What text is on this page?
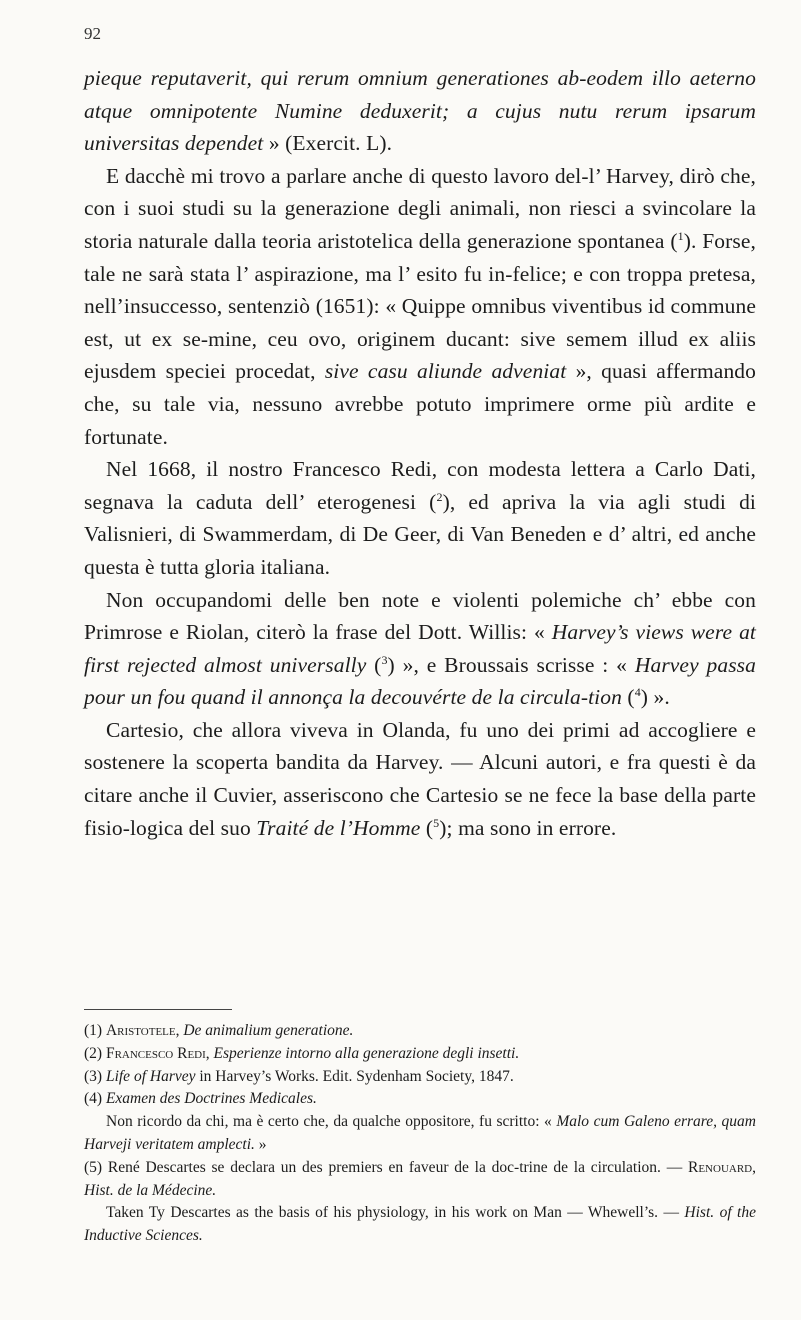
92

pieque reputaverit, qui rerum omnium generationes ab-eodem illo aeterno atque omnipotente Numine deduxerit; a cujus nutu rerum ipsarum universitas dependet » (Exercit. L).

E dacchè mi trovo a parlare anche di questo lavoro del-l’ Harvey, dirò che, con i suoi studi su la generazione degli animali, non riesci a svincolare la storia naturale dalla teoria aristotelica della generazione spontanea ($^1$). Forse, tale ne sarà stata l’ aspirazione, ma l’ esito fu in-felice; e con troppa pretesa, nell’insuccesso, sentenziò (1651): « Quippe omnibus viventibus id commune est, ut ex se-mine, ceu ovo, originem ducant: sive semem illud ex aliis ejusdem speciei procedat, sive casu aliunde adveniat », quasi affermando che, su tale via, nessuno avrebbe potuto imprimere orme più ardite e fortunate.

Nel 1668, il nostro Francesco Redi, con modesta lettera a Carlo Dati, segnava la caduta dell’ eterogenesi ($^2$), ed apriva la via agli studi di Valisnieri, di Swammerdam, di De Geer, di Van Beneden e d’ altri, ed anche questa è tutta gloria italiana.

Non occupandomi delle ben note e violenti polemiche ch’ ebbe con Primrose e Riolan, citerò la frase del Dott. Willis: « Harvey’s views were at first rejected almost universally ($^3$) », e Broussais scrisse : « Harvey passa pour un fou quand il annonça la decouvérte de la circula-tion ($^4$) ».

Cartesio, che allora viveva in Olanda, fu uno dei primi ad accogliere e sostenere la scoperta bandita da Harvey. — Alcuni autori, e fra questi è da citare anche il Cuvier, asseriscono che Cartesio se ne fece la base della parte fisio-logica del suo Traité de l’Homme ($^5$); ma sono in errore.

(1) Aristotele, De animalium generatione.

(2) Francesco Redi, Esperienze intorno alla generazione degli insetti.

(3) Life of Harvey in Harvey’s Works. Edit. Sydenham Society, 1847.

(4) Examen des Doctrines Medicales.

Non ricordo da chi, ma è certo che, da qualche oppositore, fu scritto: « Malo cum Galeno errare, quam Harveji veritatem amplecti. »

(5) René Descartes se declara un des premiers en faveur de la doc-trine de la circulation. — Renouard, Hist. de la Médecine.

Taken Ty Descartes as the basis of his physiology, in his work on Man — Whewell’s. — Hist. of the Inductive Sciences.
